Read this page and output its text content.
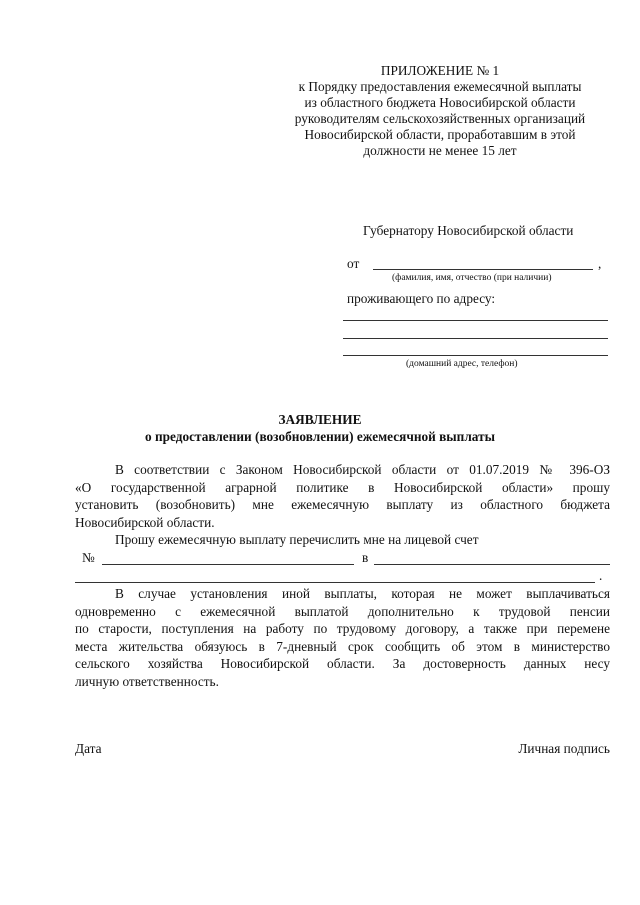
ПРИЛОЖЕНИЕ № 1
к Порядку предоставления ежемесячной выплаты
из областного бюджета Новосибирской области
руководителям сельскохозяйственных организаций
Новосибирской области, проработавшим в этой
должности не менее 15 лет
Губернатору Новосибирской области
от	,
(фамилия, имя, отчество (при наличии)
проживающего по адресу:
(домашний адрес, телефон)
ЗАЯВЛЕНИЕ
о предоставлении (возобновлении) ежемесячной выплаты
В соответствии с Законом Новосибирской области от 01.07.2019 № 396-ОЗ
«О государственной аграрной политике в Новосибирской области» прошу
установить (возобновить) мне ежемесячную выплату из областного бюджета
Новосибирской области.
Прошу ежемесячную выплату перечислить мне на лицевой счет
№	в
.
В случае установления иной выплаты, которая не может выплачиваться
одновременно с ежемесячной выплатой дополнительно к трудовой пенсии
по старости, поступления на работу по трудовому договору, а также при перемене
места жительства обязуюсь в 7-дневный срок сообщить об этом в министерство
сельского хозяйства Новосибирской области. За достоверность данных несу
личную ответственность.
Дата	Личная подпись
